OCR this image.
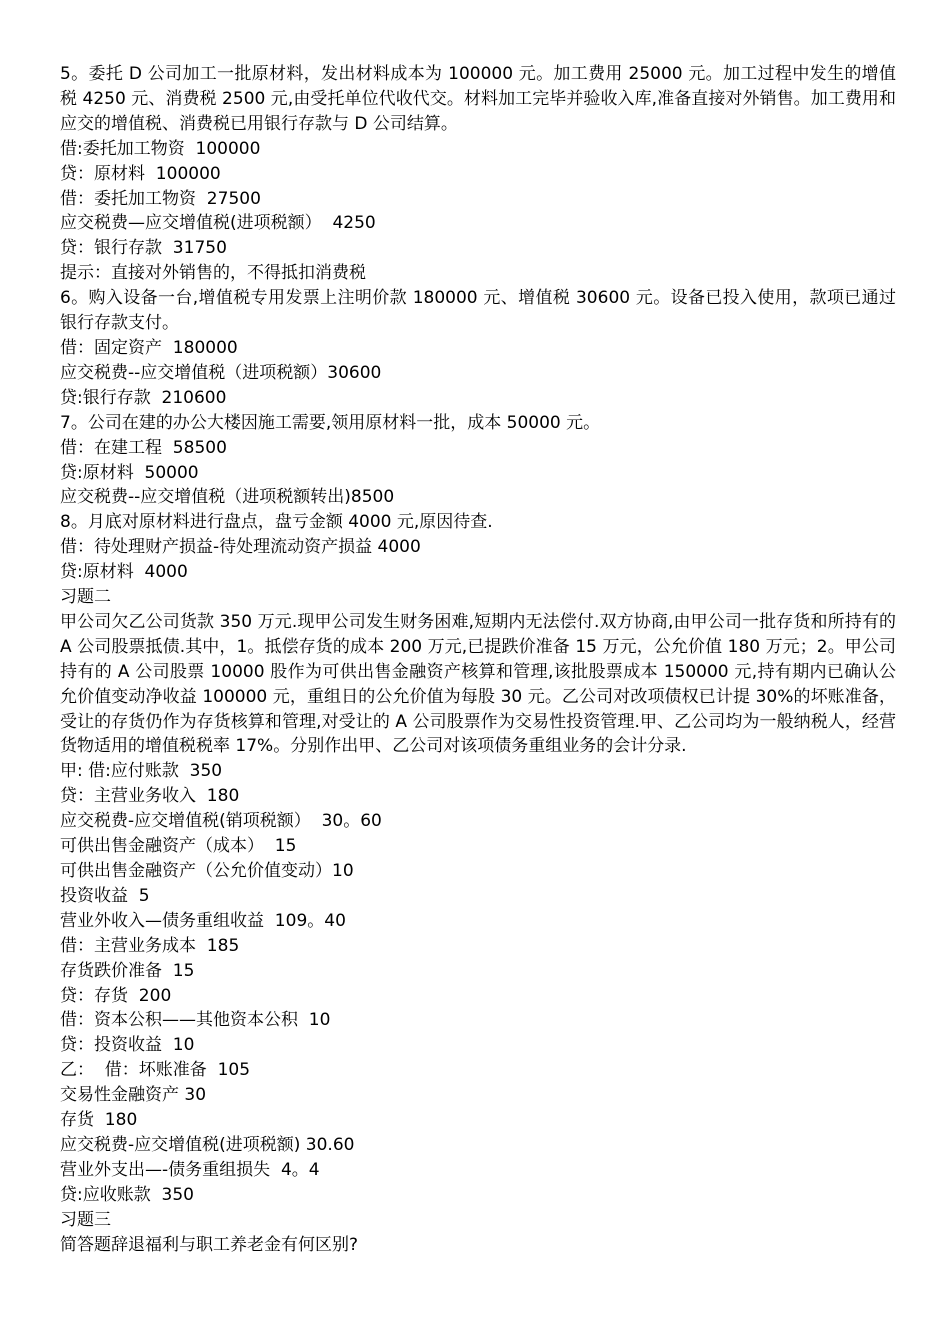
5。委托 D 公司加工一批原材料，发出材料成本为 100000 元。加工费用 25000 元。加工过程中发生的增值税 4250 元、消费税 2500 元,由受托单位代收代交。材料加工完毕并验收入库,准备直接对外销售。加工费用和应交的增值税、消费税已用银行存款与 D 公司结算。
借:委托加工物资  100000
贷：原材料  100000
借：委托加工物资  27500
应交税费—应交增值税(进项税额）  4250
贷：银行存款  31750
提示：直接对外销售的，不得抵扣消费税
6。购入设备一台,增值税专用发票上注明价款 180000 元、增值税 30600 元。设备已投入使用，款项已通过银行存款支付。
借：固定资产  180000
应交税费--应交增值税（进项税额）30600
贷:银行存款  210600
7。公司在建的办公大楼因施工需要,领用原材料一批，成本 50000 元。
借：在建工程  58500
贷:原材料  50000
应交税费--应交增值税（进项税额转出)8500
8。月底对原材料进行盘点，盘亏金额 4000 元,原因待查.
借：待处理财产损益-待处理流动资产损益 4000
贷:原材料  4000
习题二
甲公司欠乙公司货款 350 万元.现甲公司发生财务困难,短期内无法偿付.双方协商,由甲公司一批存货和所持有的 A 公司股票抵债.其中，1。抵偿存货的成本 200 万元,已提跌价准备 15 万元，公允价值 180 万元；2。甲公司持有的 A 公司股票 10000 股作为可供出售金融资产核算和管理,该批股票成本 150000 元,持有期内已确认公允价值变动净收益 100000 元，重组日的公允价值为每股 30 元。乙公司对改项债权已计提 30%的坏账准备，受让的存货仍作为存货核算和管理,对受让的 A 公司股票作为交易性投资管理.甲、乙公司均为一般纳税人，经营货物适用的增值税税率 17%。分别作出甲、乙公司对该项债务重组业务的会计分录.
甲: 借:应付账款  350
贷：主营业务收入  180
应交税费-应交增值税(销项税额）  30。60
可供出售金融资产（成本）  15
可供出售金融资产（公允价值变动）10
投资收益  5
营业外收入—债务重组收益  109。40
借：主营业务成本  185
存货跌价准备  15
贷：存货  200
借：资本公积——其他资本公积  10
贷：投资收益  10
乙：  借：坏账准备  105
交易性金融资产 30
存货  180
应交税费-应交增值税(进项税额) 30.60
营业外支出—-债务重组损失  4。4
贷:应收账款  350
习题三
简答题辞退福利与职工养老金有何区别?
